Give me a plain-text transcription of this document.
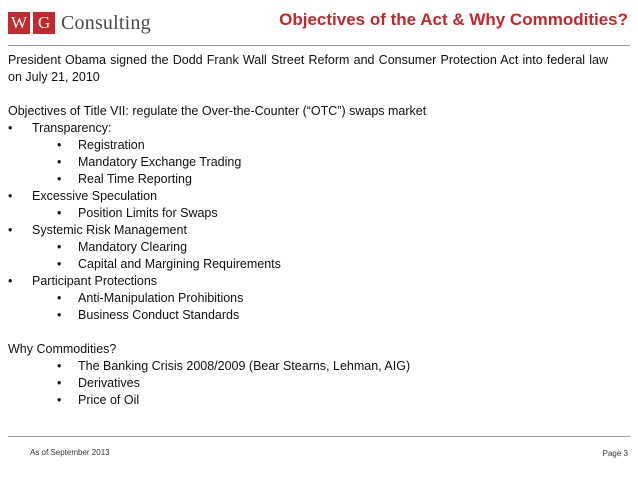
W G Consulting	Objectives of the Act & Why Commodities?

President Obama signed the Dodd Frank Wall Street Reform and Consumer Protection Act into federal law on July 21, 2010

Objectives of Title VII: regulate the Over-the-Counter (“OTC”) swaps market

• Transparency:
• Registration
• Mandatory Exchange Trading
• Real Time Reporting
• Excessive Speculation
• Position Limits for Swaps
• Systemic Risk Management
• Mandatory Clearing
• Capital and Margining Requirements
• Participant Protections
• Anti-Manipulation Prohibitions
• Business Conduct Standards

Why Commodities?

• The Banking Crisis 2008/2009 (Bear Stearns, Lehman, AIG)
• Derivatives
• Price of Oil
As of September 2013	Page 3
